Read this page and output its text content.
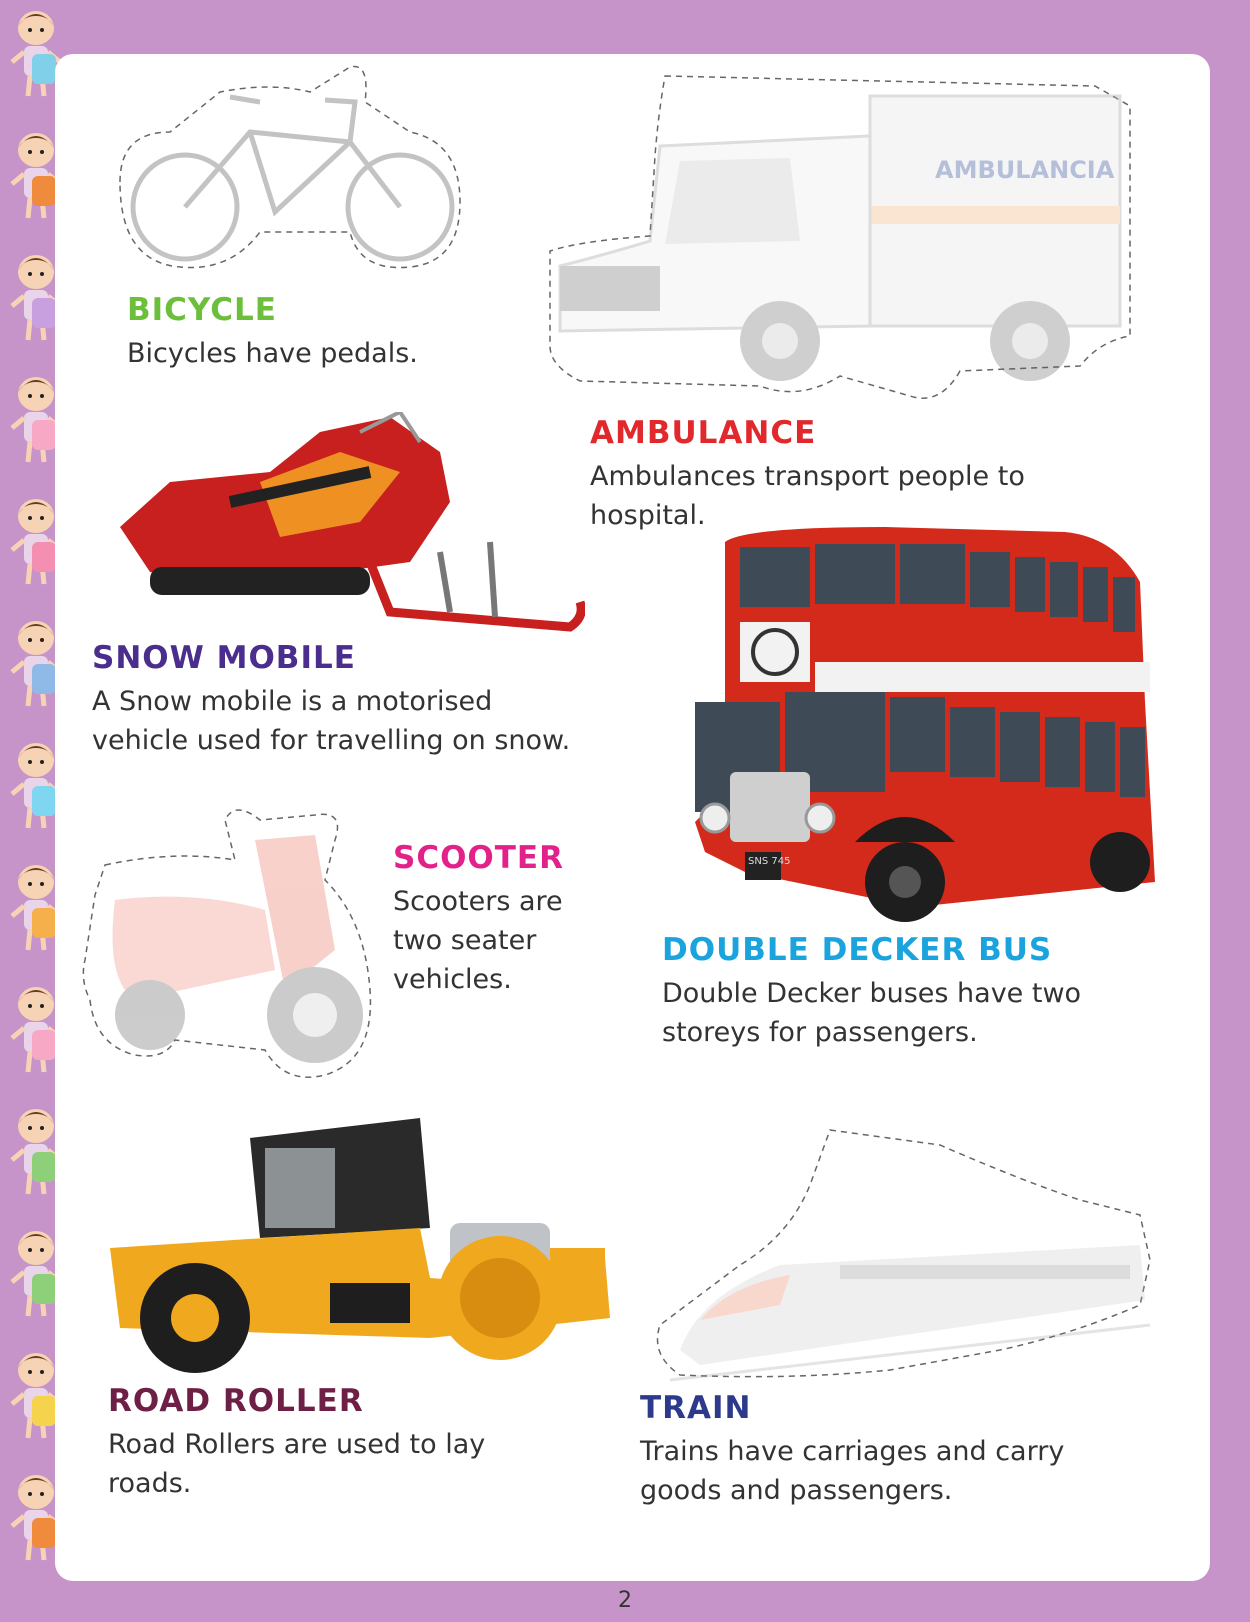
BICYCLE
Bicycles have pedals.
AMBULANCIA
AMBULANCE
Ambulances transport people to
hospital.
SNOW MOBILE
A Snow mobile is a motorised
vehicle used for travelling on snow.
SCOOTER
Scooters are
two seater
vehicles.
SNS 745
DOUBLE DECKER BUS
Double Decker buses have two
storeys for passengers.
ROAD ROLLER
Road Rollers are used to lay
roads.
TRAIN
Trains have carriages and carry
goods and passengers.
2
